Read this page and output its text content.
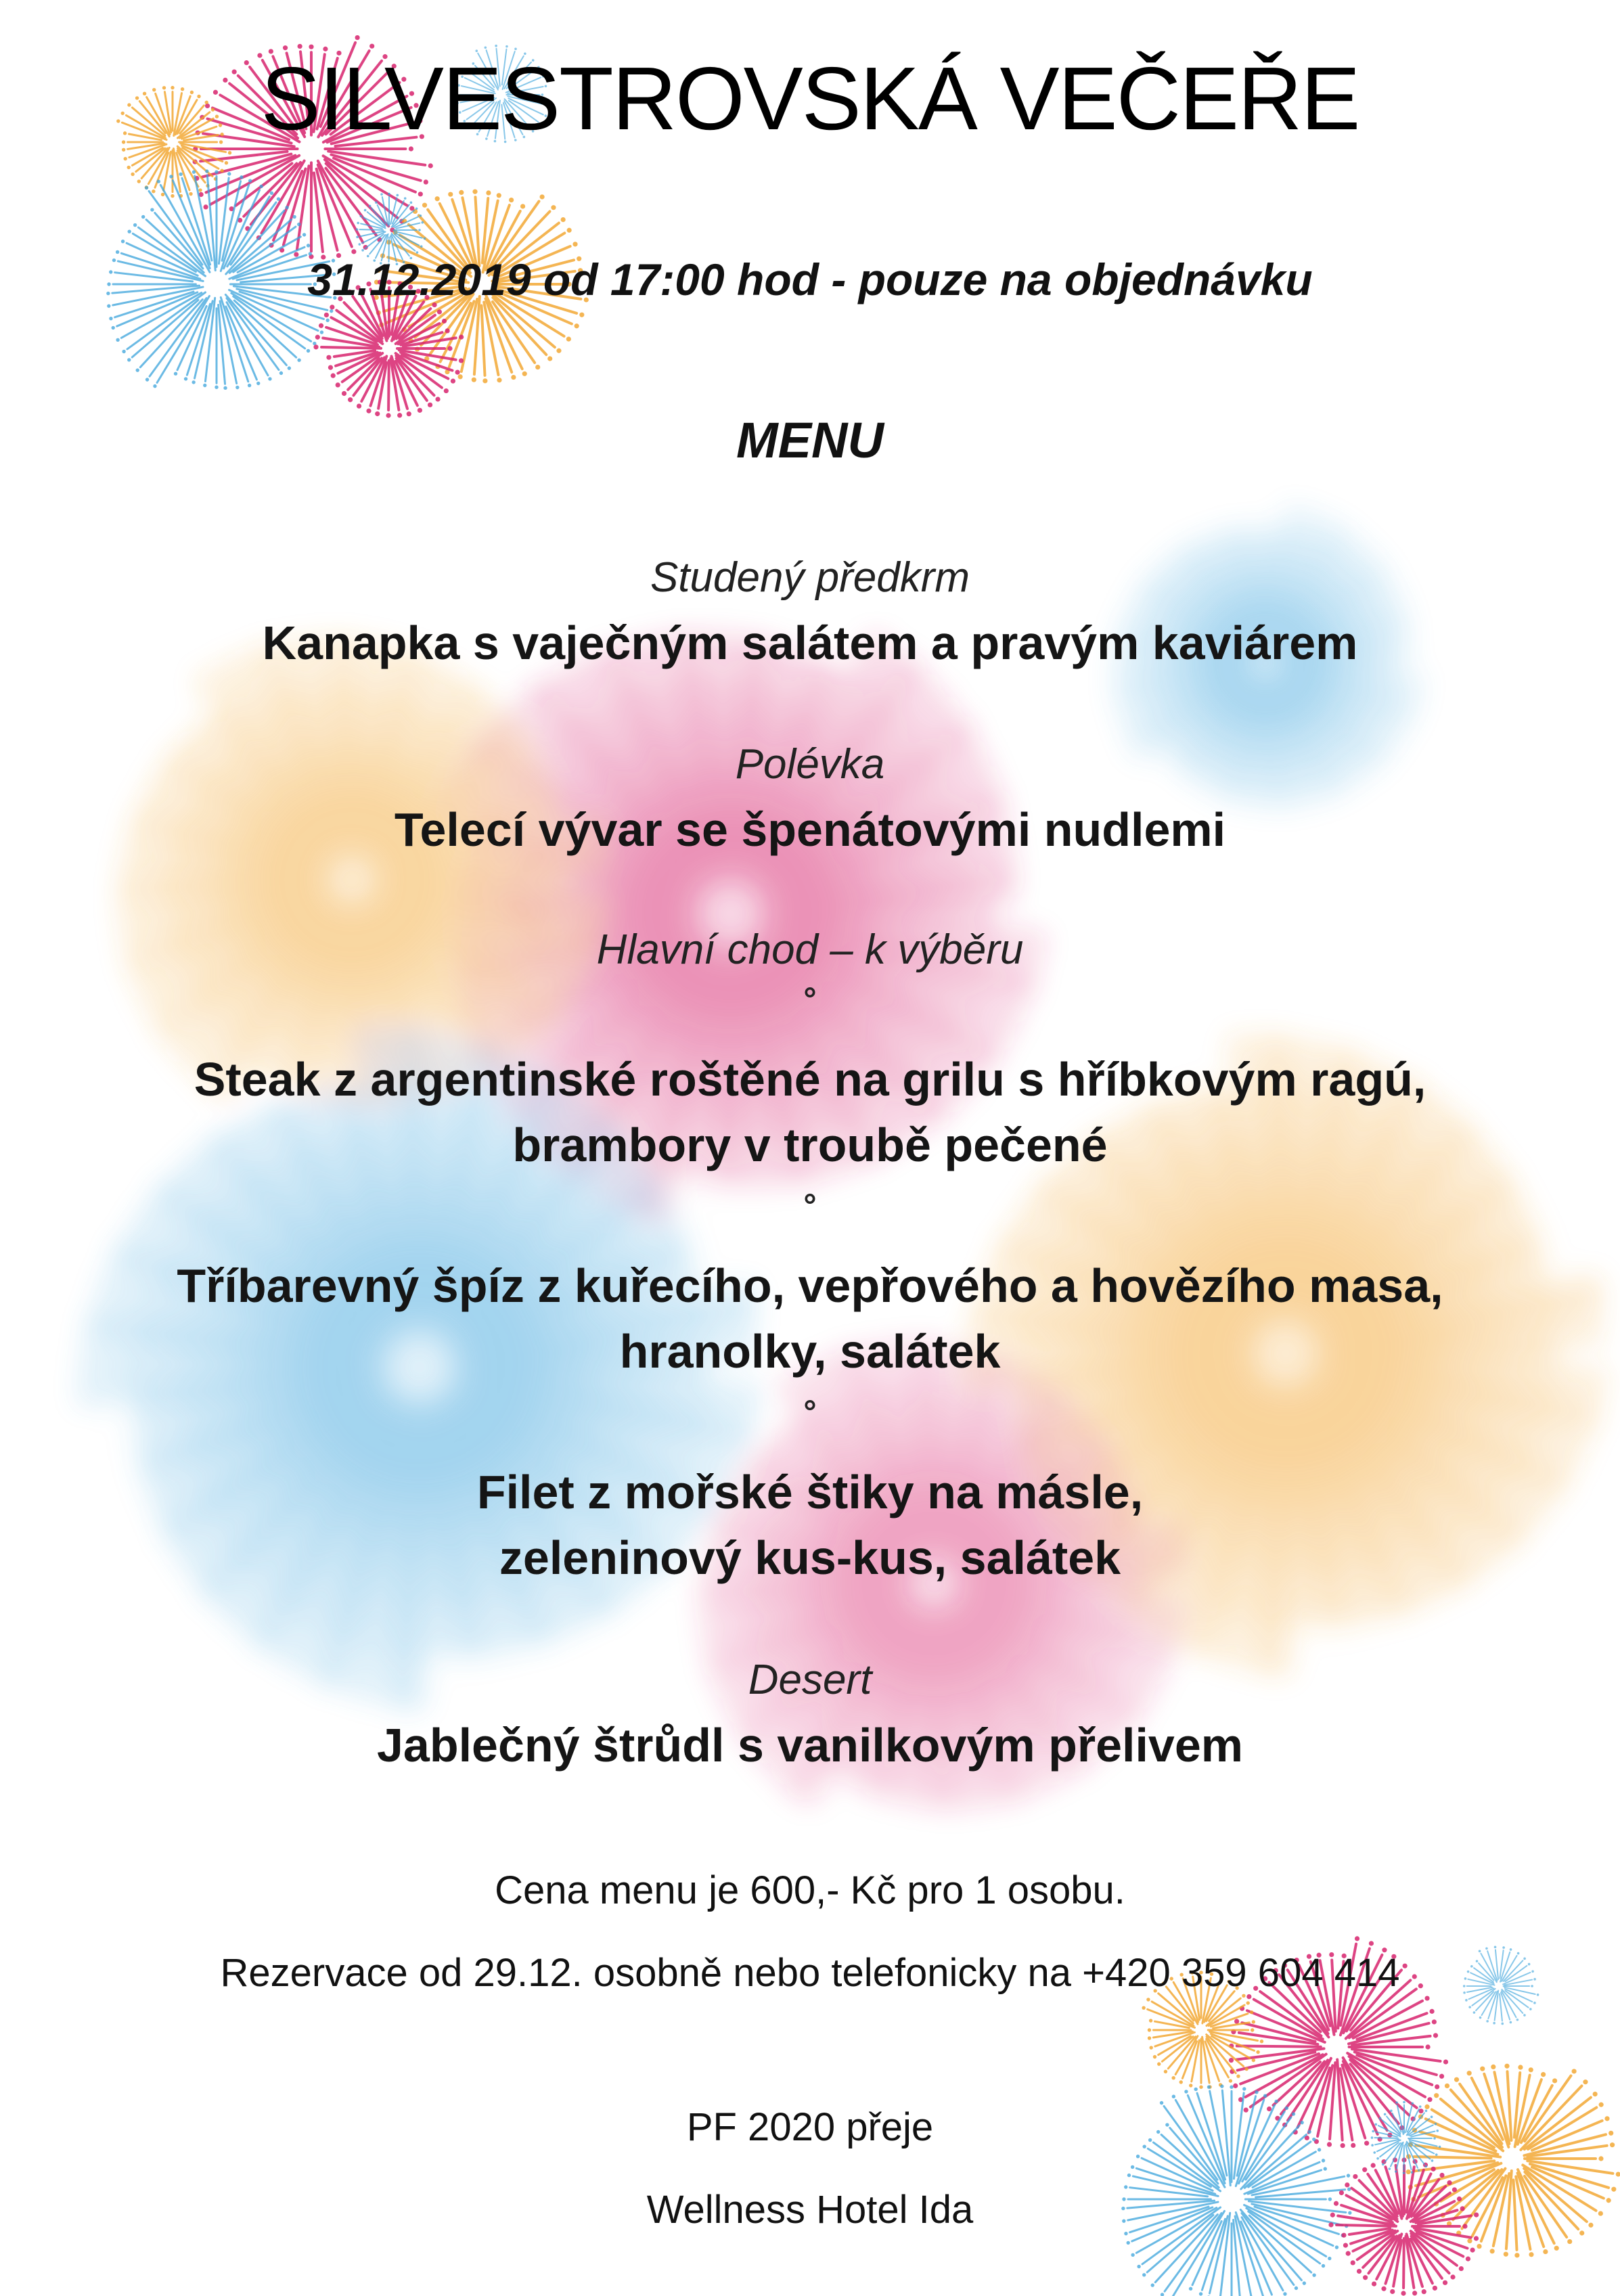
SILVESTROVSKÁ VEČEŘE
31.12.2019 od 17:00 hod - pouze na objednávku
MENU
Studený předkrm
Kanapka s vaječným salátem a pravým kaviárem
Polévka
Telecí vývar se špenátovými nudlemi
Hlavní chod – k výběru
°
Steak z argentinské roštěné na grilu s hříbkovým ragú,
brambory v troubě pečené
°
Tříbarevný špíz z kuřecího, vepřového a hovězího masa,
hranolky, salátek
°
Filet z mořské štiky na másle,
zeleninový kus-kus, salátek
Desert
Jablečný štrůdl s vanilkovým přelivem
Cena menu je 600,- Kč pro 1 osobu.
Rezervace od 29.12. osobně nebo telefonicky na +420 359 604 414
PF 2020 přeje
Wellness Hotel Ida
